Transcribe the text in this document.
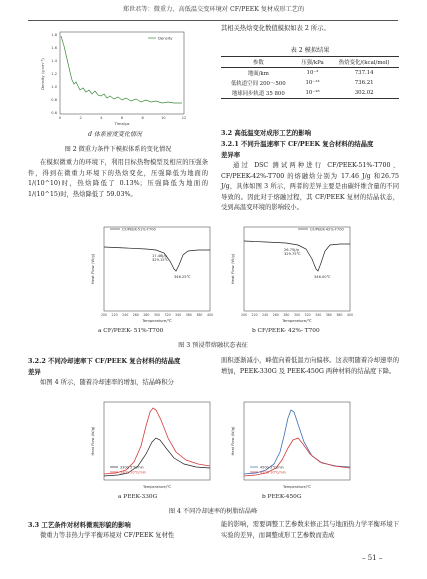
郑世君等：微重力、高低温交变环境对 CF/PEEK 复材成形工艺的
1.8
1.6
1.4
1.2
1.0
0.8
0.6
0	2	4	6	8	10	12
Time/μs
Density (g·cm⁻³)
Density
d 体系密度变化情况
图 2 微重力条件下模拟体系的变化情况
在模拟微重力的环境下，利用目标热物模型及相应的压强条件，得到在微重力环境下的热焓变化，压强降低为地面的 1/(10^10)时，热焓降低了 0.13%；压强降低为地面的 1/(10^15)时，热焓降低了 59.03%。
其相关热焓变化数值模拟如表 2 所示。
表 2 模拟结果
参数	压强/kPa	热焓变化/(kcal/mol)
地面/km	10⁻³	737.14
低轨道空间 200～500	10⁻¹³	736.21
地球同步轨道 35 800	10⁻¹⁸	302.02
3.2 高低温变对成形工艺的影响
3.2.1 不同升温速率下 CF/PEEK 复合材料的结晶度
差异率
通过 DSC 测试两种进行 CF/PEEK-51%-T700、CF/PEEK-42%-T700 的熔融焓分别为 17.46 J/g 和26.75 J/g，具体如图 3 所示，两者的差异主要是由碳纤维含量的不同导致的。因此对于熔融过程，其 CF/PEEK 复材的结晶状态，受到高温变环境的影响较小。
CF/PEEK-51%-T700
17.46J/g
329.15℃
346.25℃
200 220 240 260 280 300 320 340 360 380 400
Temperature/℃
Heat Flow (W/g)
CF/PEEK-42%-T700
26.75J/g
329.75℃
346.00℃
200 220 240 260 280 300 320 340 360 380 400
Temperature/℃
Heat Flow (W/g)
a CF/PEEK- 51%-T700	b CF/PEEK- 42%- T700
图 3 预浸带熔融状态表征
3.2.2 不同冷却速率下 CF/PEEK 复合材料的结晶度
差异
如图 4 所示，随着冷却速率的增加，结晶峰积分
面积逐渐减小，峰值向着低温方向偏移。这表明随着冷却速率的增加，PEEK-330G 及 PEEK-450G 两种材料的结晶度下降。
330G 5℃/min
330G 10℃/min
Temperature/℃
Heat Flow (W/g)
450G 5℃/min
450G 10℃/min
Temperature/℃
Heat Flow (W/g)
a PEEK-330G	b PEEK-450G
图 4 不同冷却速率的树脂结晶峰
3.3 工艺条件对材料微观形貌的影响
微重力等非热力学平衡环境对 CF/PEEK 复材性
能的影响，需要调整工艺参数来修正其与地面热力学平衡环境下实验的差异，而调整成形工艺参数而造成
– 51 –
